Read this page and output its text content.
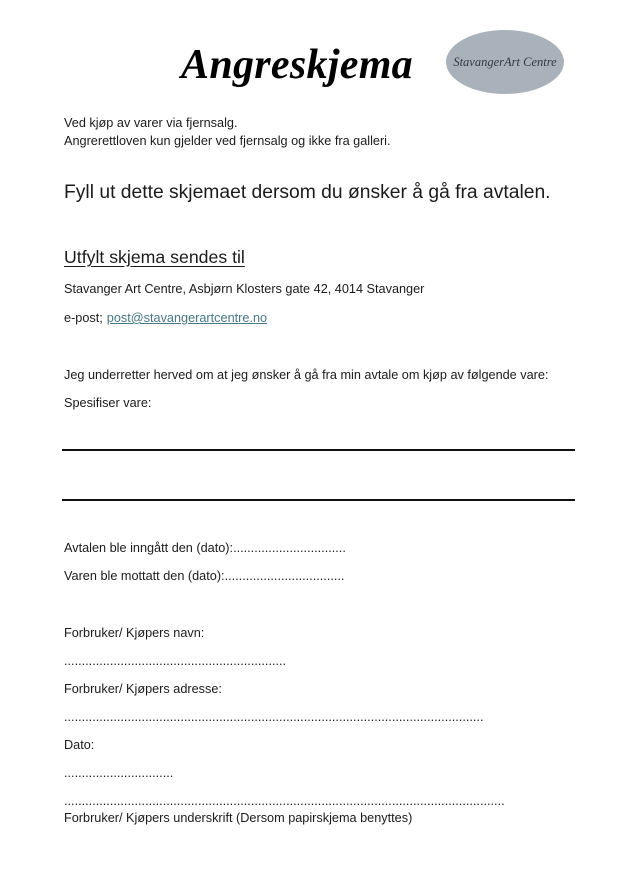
Angreskjema	StavangerArt Centre
Ved kjøp av varer via fjernsalg.
Angrerettloven kun gjelder ved fjernsalg og ikke fra galleri.
Fyll ut dette skjemaet dersom du ønsker å gå fra avtalen.
Utfylt skjema sendes til
Stavanger Art Centre, Asbjørn Klosters gate 42, 4014 Stavanger
e-post; post@stavangerartcentre.no
Jeg underretter herved om at jeg ønsker å gå fra min avtale om kjøp av følgende vare:
Spesifiser vare:
Avtalen ble inngått den (dato):................................
Varen ble mottatt den (dato):..................................
Forbruker/ Kjøpers navn:
...............................................................
Forbruker/ Kjøpers adresse:
.......................................................................................................................
Dato:
...............................
.............................................................................................................................
Forbruker/ Kjøpers underskrift (Dersom papirskjema benyttes)
